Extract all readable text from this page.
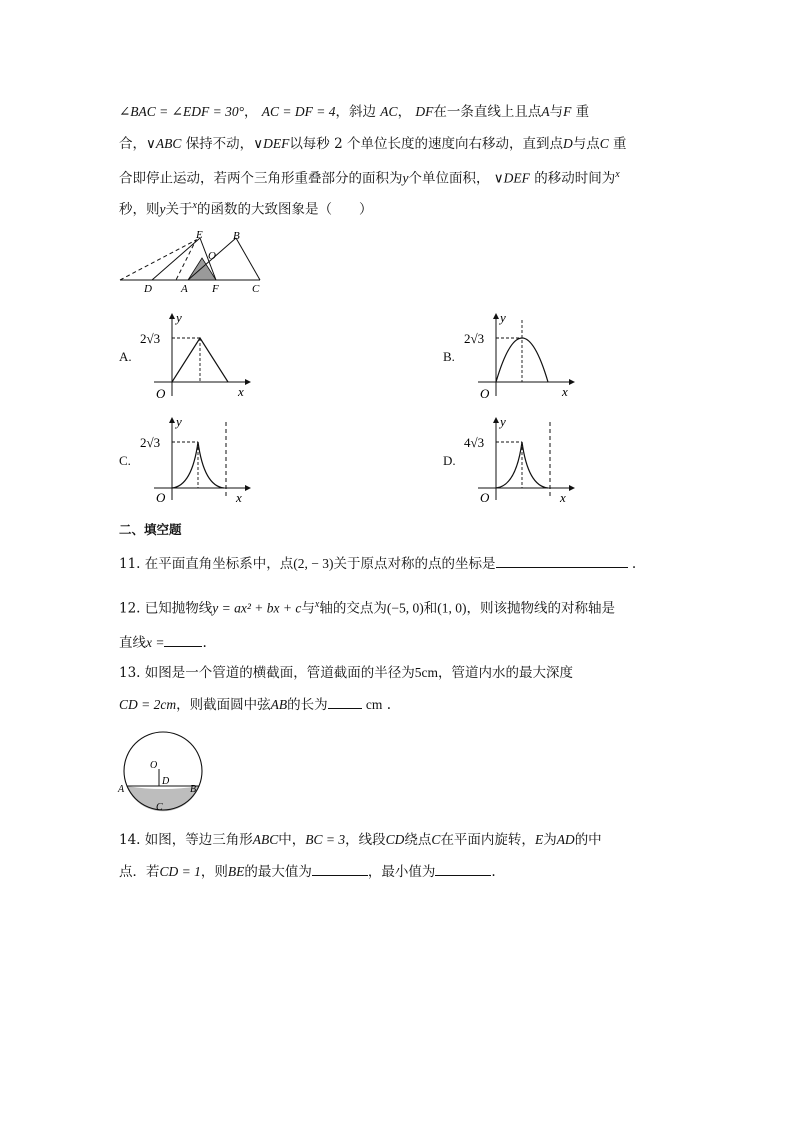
∠BAC = ∠EDF = 30°， AC = DF = 4，斜边 AC， DF在一条直线上且点A与F 重
合，∨ABC 保持不动，∨DEF以每秒 2 个单位长度的速度向右移动，直到点D与点C 重
合即停止运动，若两个三角形重叠部分的面积为y个单位面积， ∨DEF 的移动时间为$^x$
秒，则y关于$^x$的函数的大致图象是（　　）
E	B
O
D	A F	C
A.	B.
C.	D.
2√3
y
x
O
2√3
y
x
O
2√3
y
x
O
4√3
y
x
O
二、填空题
11. 在平面直角坐标系中，点(2, − 3)关于原点对称的点的坐标是	.
12. 已知抛物线y = ax² + bx + c与$^x$轴的交点为(−5, 0)和(1, 0)，则该抛物线的对称轴是
直线x =	.
13. 如图是一个管道的横截面，管道截面的半径为5cm，管道内水的最大深度
CD = 2cm，则截面圆中弦AB的长为	cm .
O
D
A	B
C
14. 如图，等边三角形ABC中，BC = 3，线段CD绕点C在平面内旋转，E为AD的中
点．若CD = 1，则BE的最大值为	，最小值为	.
